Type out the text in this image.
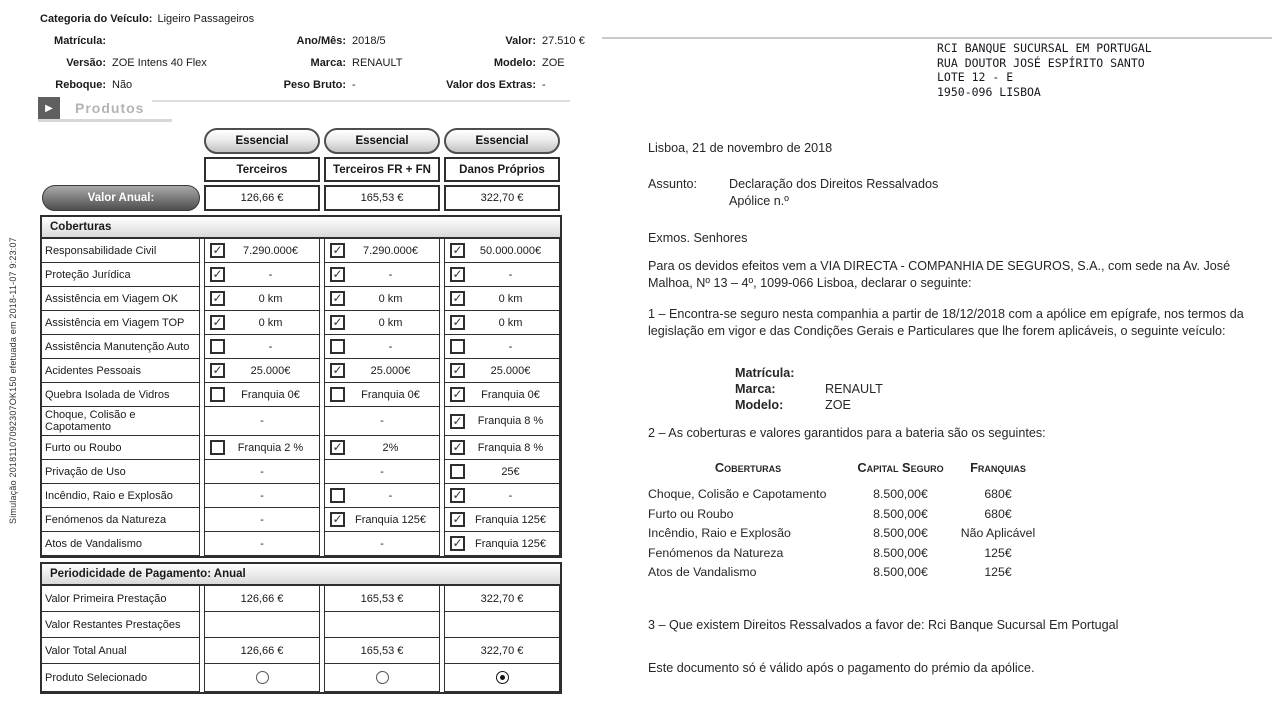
Simulação 20181107092307OK150 efetuada em 2018-11-07 9:23:07
Categoria do Veículo: Ligeiro Passageiros
Matrícula:	Ano/Mês: 2018/5	Valor: 27.510 €
Versão: ZOE Intens 40 Flex	Marca: RENAULT	Modelo: ZOE
Reboque: Não	Peso Bruto: -	Valor dos Extras: -
▶	Produtos
Essencial	Essencial	Essencial
Terceiros	Terceiros FR + FN	Danos Próprios
Valor Anual:	126,66 €	165,53 €	322,70 €
Coberturas
Responsabilidade Civil	✓	7.290.000€	✓	7.290.000€	✓	50.000.000€
Proteção Jurídica	✓	-	✓	-	✓	-
Assistência em Viagem OK	✓	0 km	✓	0 km	✓	0 km
Assistência em Viagem TOP	✓	0 km	✓	0 km	✓	0 km
Assistência Manutenção Auto	-	-	-
Acidentes Pessoais	✓	25.000€	✓	25.000€	✓	25.000€
Quebra Isolada de Vidros	Franquia 0€	Franquia 0€	✓	Franquia 0€
Choque, Colisão e Capotamento	-	-	✓	Franquia 8 %
Furto ou Roubo	Franquia 2 %	✓	2%	✓	Franquia 8 %
Privação de Uso	-	-	25€
Incêndio, Raio e Explosão	-	-	✓	-
Fenómenos da Natureza	-	✓	Franquia 125€	✓	Franquia 125€
Atos de Vandalismo	-	-	✓	Franquia 125€
Periodicidade de Pagamento: Anual
Valor Primeira Prestação	126,66 €	165,53 €	322,70 €
Valor Restantes Prestações
Valor Total Anual	126,66 €	165,53 €	322,70 €
Produto Selecionado
RCI BANQUE SUCURSAL EM PORTUGAL
RUA DOUTOR JOSÉ ESPÍRITO SANTO
LOTE 12 - E
1950-096 LISBOA
Lisboa, 21 de novembro de 2018
Assunto:	Declaração dos Direitos Ressalvados
Apólice n.º
Exmos. Senhores
Para os devidos efeitos vem a VIA DIRECTA - COMPANHIA DE SEGUROS, S.A., com sede na Av. José Malhoa, Nº 13 – 4º, 1099-066 Lisboa, declarar o seguinte:
1 – Encontra-se seguro nesta companhia a partir de 18/12/2018 com a apólice em epígrafe, nos termos da legislação em vigor e das Condições Gerais e Particulares que lhe forem aplicáveis, o seguinte veículo:
Matrícula:
Marca:	RENAULT
Modelo:	ZOE
2 – As coberturas e valores garantidos para a bateria são os seguintes:
Coberturas	Capital Seguro	Franquias
Choque, Colisão e Capotamento	8.500,00€	680€
Furto ou Roubo	8.500,00€	680€
Incêndio, Raio e Explosão	8.500,00€	Não Aplicável
Fenómenos da Natureza	8.500,00€	125€
Atos de Vandalismo	8.500,00€	125€
3 – Que existem Direitos Ressalvados a favor de: Rci Banque Sucursal Em Portugal
Este documento só é válido após o pagamento do prémio da apólice.
